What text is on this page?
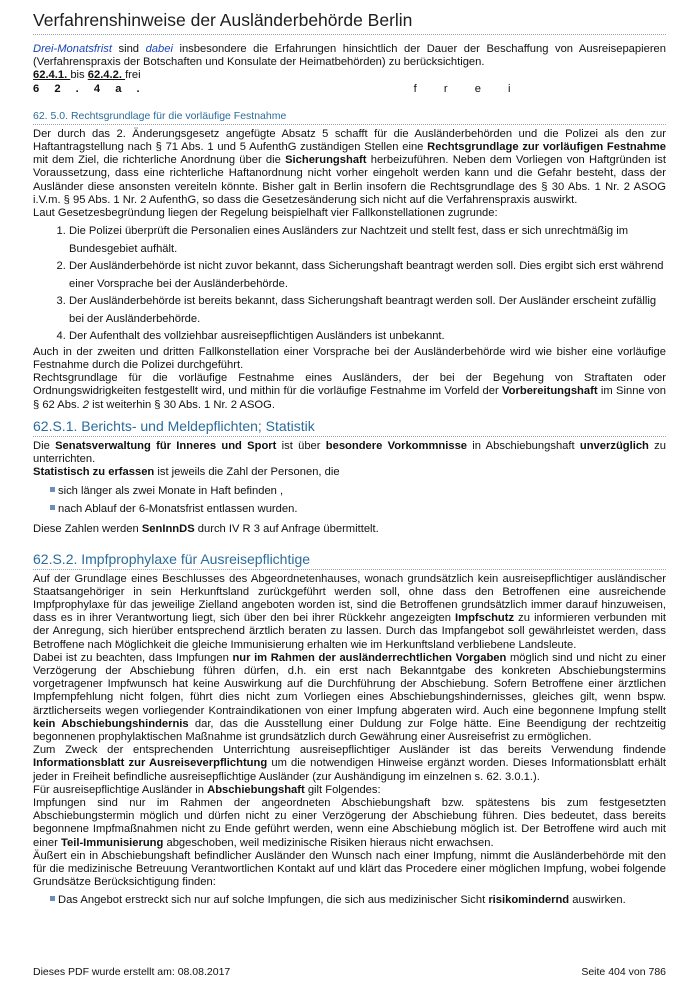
Verfahrenshinweise der Ausländerbehörde Berlin

Drei-Monatsfrist sind dabei insbesondere die Erfahrungen hinsichtlich der Dauer der Beschaffung von Ausreisepapieren (Verfahrenspraxis der Botschaften und Konsulate der Heimatbehörden) zu berücksichtigen.

62.4.1. bis 62.4.2. frei

6 2 . 4 a .	f r e i

62. 5.0. Rechtsgrundlage für die vorläufige Festnahme

Der durch das 2. Änderungsgesetz angefügte Absatz 5 schafft für die Ausländerbehörden und die Polizei als den zur Haftantragstellung nach § 71 Abs. 1 und 5 AufenthG zuständigen Stellen eine Rechtsgrundlage zur vorläufigen Festnahme mit dem Ziel, die richterliche Anordnung über die Sicherungshaft herbeizuführen. Neben dem Vorliegen von Haftgründen ist Voraussetzung, dass eine richterliche Haftanordnung nicht vorher eingeholt werden kann und die Gefahr besteht, dass der Ausländer diese ansonsten vereiteln könnte. Bisher galt in Berlin insofern die Rechtsgrundlage des § 30 Abs. 1 Nr. 2 ASOG i.V.m. § 95 Abs. 1 Nr. 2 AufenthG, so dass die Gesetzesänderung sich nicht auf die Verfahrenspraxis auswirkt.

Laut Gesetzesbegründung liegen der Regelung beispielhaft vier Fallkonstellationen zugrunde:

1. Die Polizei überprüft die Personalien eines Ausländers zur Nachtzeit und stellt fest, dass er sich unrechtmäßig im Bundesgebiet aufhält.
2. Der Ausländerbehörde ist nicht zuvor bekannt, dass Sicherungshaft beantragt werden soll. Dies ergibt sich erst während einer Vorsprache bei der Ausländerbehörde.
3. Der Ausländerbehörde ist bereits bekannt, dass Sicherungshaft beantragt werden soll. Der Ausländer erscheint zufällig bei der Ausländerbehörde.
4. Der Aufenthalt des vollziehbar ausreisepflichtigen Ausländers ist unbekannt.

Auch in der zweiten und dritten Fallkonstellation einer Vorsprache bei der Ausländerbehörde wird wie bisher eine vorläufige Festnahme durch die Polizei durchgeführt.

Rechtsgrundlage für die vorläufige Festnahme eines Ausländers, der bei der Begehung von Straftaten oder Ordnungswidrigkeiten festgestellt wird, und mithin für die vorläufige Festnahme im Vorfeld der Vorbereitungshaft im Sinne von § 62 Abs. 2 ist weiterhin § 30 Abs. 1 Nr. 2 ASOG.

62.S.1. Berichts- und Meldepflichten; Statistik

Die Senatsverwaltung für Inneres und Sport ist über besondere Vorkommnisse in Abschiebungshaft unverzüglich zu unterrichten.

Statistisch zu erfassen ist jeweils die Zahl der Personen, die

sich länger als zwei Monate in Haft befinden ,
nach Ablauf der 6-Monatsfrist entlassen wurden.

Diese Zahlen werden SenInnDS durch IV R 3 auf Anfrage übermittelt.

62.S.2. Impfprophylaxe für Ausreisepflichtige

Auf der Grundlage eines Beschlusses des Abgeordnetenhauses, wonach grundsätzlich kein ausreisepflichtiger ausländischer Staatsangehöriger in sein Herkunftsland zurückgeführt werden soll, ohne dass den Betroffenen eine ausreichende Impfprophylaxe für das jeweilige Zielland angeboten worden ist, sind die Betroffenen grundsätzlich immer darauf hinzuweisen, dass es in ihrer Verantwortung liegt, sich über den bei ihrer Rückkehr angezeigten Impfschutz zu informieren verbunden mit der Anregung, sich hierüber entsprechend ärztlich beraten zu lassen. Durch das Impfangebot soll gewährleistet werden, dass Betroffene nach Möglichkeit die gleiche Immunisierung erhalten wie im Herkunftsland verbliebene Landsleute.

Dabei ist zu beachten, dass Impfungen nur im Rahmen der ausländerrechtlichen Vorgaben möglich sind und nicht zu einer Verzögerung der Abschiebung führen dürfen, d.h. ein erst nach Bekanntgabe des konkreten Abschiebungstermins vorgetragener Impfwunsch hat keine Auswirkung auf die Durchführung der Abschiebung. Sofern Betroffene einer ärztlichen Impfempfehlung nicht folgen, führt dies nicht zum Vorliegen eines Abschiebungshindernisses, gleiches gilt, wenn bspw. ärztlicherseits wegen vorliegender Kontraindikationen von einer Impfung abgeraten wird. Auch eine begonnene Impfung stellt kein Abschiebungshindernis dar, das die Ausstellung einer Duldung zur Folge hätte. Eine Beendigung der rechtzeitig begonnenen prophylaktischen Maßnahme ist grundsätzlich durch Gewährung einer Ausreisefrist zu ermöglichen.

Zum Zweck der entsprechenden Unterrichtung ausreisepflichtiger Ausländer ist das bereits Verwendung findende Informationsblatt zur Ausreiseverpflichtung um die notwendigen Hinweise ergänzt worden. Dieses Informationsblatt erhält jeder in Freiheit befindliche ausreisepflichtige Ausländer (zur Aushändigung im einzelnen s. 62. 3.0.1.).

Für ausreisepflichtige Ausländer in Abschiebungshaft gilt Folgendes:

Impfungen sind nur im Rahmen der angeordneten Abschiebungshaft bzw. spätestens bis zum festgesetzten Abschiebungstermin möglich und dürfen nicht zu einer Verzögerung der Abschiebung führen. Dies bedeutet, dass bereits begonnene Impfmaßnahmen nicht zu Ende geführt werden, wenn eine Abschiebung möglich ist. Der Betroffene wird auch mit einer Teil-Immunisierung abgeschoben, weil medizinische Risiken hieraus nicht erwachsen.

Äußert ein in Abschiebungshaft befindlicher Ausländer den Wunsch nach einer Impfung, nimmt die Ausländerbehörde mit den für die medizinische Betreuung Verantwortlichen Kontakt auf und klärt das Procedere einer möglichen Impfung, wobei folgende Grundsätze Berücksichtigung finden:

Das Angebot erstreckt sich nur auf solche Impfungen, die sich aus medizinischer Sicht risikomindernd auswirken.
Dieses PDF wurde erstellt am: 08.08.2017	Seite 404 von 786
